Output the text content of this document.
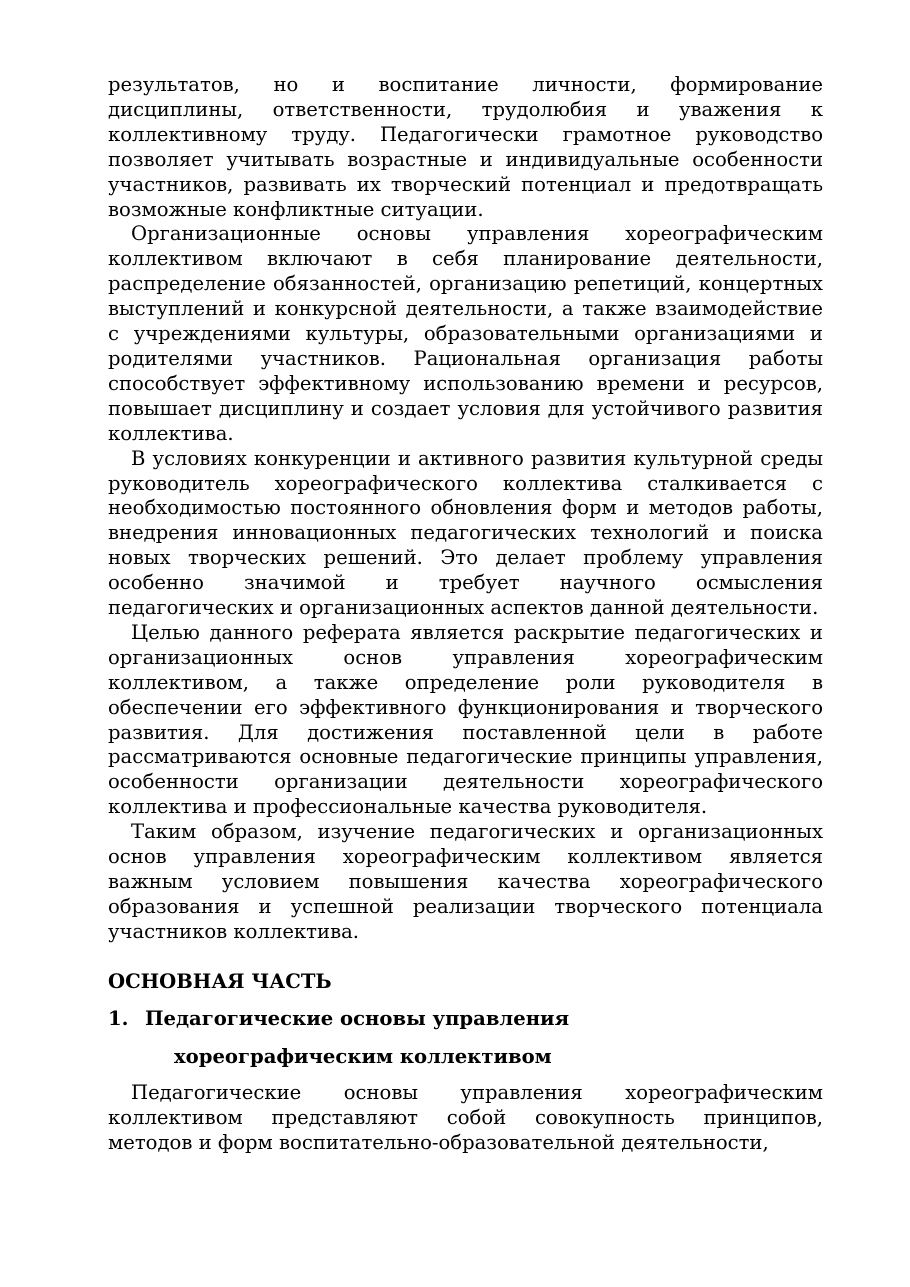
результатов, но и воспитание личности, формирование дисциплины, ответственности, трудолюбия и уважения к коллективному труду. Педагогически грамотное руководство позволяет учитывать возрастные и индивидуальные особенности участников, развивать их творческий потенциал и предотвращать возможные конфликтные ситуации.

Организационные основы управления хореографическим коллективом включают в себя планирование деятельности, распределение обязанностей, организацию репетиций, концертных выступлений и конкурсной деятельности, а также взаимодействие с учреждениями культуры, образовательными организациями и родителями участников. Рациональная организация работы способствует эффективному использованию времени и ресурсов, повышает дисциплину и создает условия для устойчивого развития коллектива.

В условиях конкуренции и активного развития культурной среды руководитель хореографического коллектива сталкивается с необходимостью постоянного обновления форм и методов работы, внедрения инновационных педагогических технологий и поиска новых творческих решений. Это делает проблему управления особенно значимой и требует научного осмысления педагогических и организационных аспектов данной деятельности.

Целью данного реферата является раскрытие педагогических и организационных основ управления хореографическим коллективом, а также определение роли руководителя в обеспечении его эффективного функционирования и творческого развития. Для достижения поставленной цели в работе рассматриваются основные педагогические принципы управления, особенности организации деятельности хореографического коллектива и профессиональные качества руководителя.

Таким образом, изучение педагогических и организационных основ управления хореографическим коллективом является важным условием повышения качества хореографического образования и успешной реализации творческого потенциала участников коллектива.

ОСНОВНАЯ ЧАСТЬ
1. Педагогические основы управления
хореографическим коллективом

Педагогические основы управления хореографическим коллективом представляют собой совокупность принципов, методов и форм воспитательно-образовательной деятельности,
